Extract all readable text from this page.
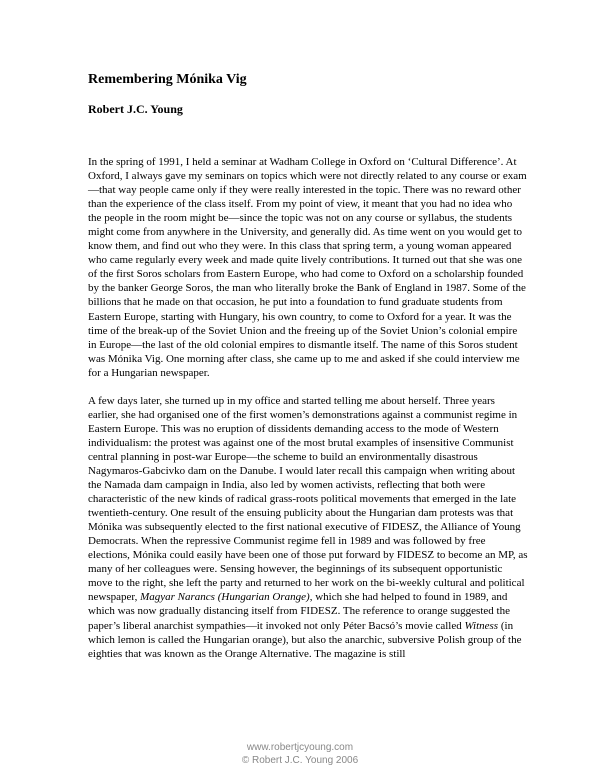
Remembering Mónika Vig
Robert J.C. Young

In the spring of 1991, I held a seminar at Wadham College in Oxford on ‘Cultural Difference’. At Oxford, I always gave my seminars on topics which were not directly related to any course or exam—that way people came only if they were really interested in the topic. There was no reward other than the experience of the class itself. From my point of view, it meant that you had no idea who the people in the room might be—since the topic was not on any course or syllabus, the students might come from anywhere in the University, and generally did. As time went on you would get to know them, and find out who they were. In this class that spring term, a young woman appeared who came regularly every week and made quite lively contributions. It turned out that she was one of the first Soros scholars from Eastern Europe, who had come to Oxford on a scholarship founded by the banker George Soros, the man who literally broke the Bank of England in 1987. Some of the billions that he made on that occasion, he put into a foundation to fund graduate students from Eastern Europe, starting with Hungary, his own country, to come to Oxford for a year. It was the time of the break-up of the Soviet Union and the freeing up of the Soviet Union’s colonial empire in Europe—the last of the old colonial empires to dismantle itself. The name of this Soros student was Mónika Vig. One morning after class, she came up to me and asked if she could interview me for a Hungarian newspaper.

A few days later, she turned up in my office and started telling me about herself. Three years earlier, she had organised one of the first women’s demonstrations against a communist regime in Eastern Europe. This was no eruption of dissidents demanding access to the mode of Western individualism: the protest was against one of the most brutal examples of insensitive Communist central planning in post-war Europe—the scheme to build an environmentally disastrous Nagymaros-Gabcivko dam on the Danube. I would later recall this campaign when writing about the Namada dam campaign in India, also led by women activists, reflecting that both were characteristic of the new kinds of radical grass-roots political movements that emerged in the late twentieth-century. One result of the ensuing publicity about the Hungarian dam protests was that Mónika was subsequently elected to the first national executive of FIDESZ, the Alliance of Young Democrats. When the repressive Communist regime fell in 1989 and was followed by free elections, Mónika could easily have been one of those put forward by FIDESZ to become an MP, as many of her colleagues were. Sensing however, the beginnings of its subsequent opportunistic move to the right, she left the party and returned to her work on the bi-weekly cultural and political newspaper, Magyar Narancs (Hungarian Orange), which she had helped to found in 1989, and which was now gradually distancing itself from FIDESZ. The reference to orange suggested the paper’s liberal anarchist sympathies—it invoked not only Péter Bacsó’s movie called Witness (in which lemon is called the Hungarian orange), but also the anarchic, subversive Polish group of the eighties that was known as the Orange Alternative. The magazine is still

www.robertjcyoung.com
© Robert J.C. Young 2006
